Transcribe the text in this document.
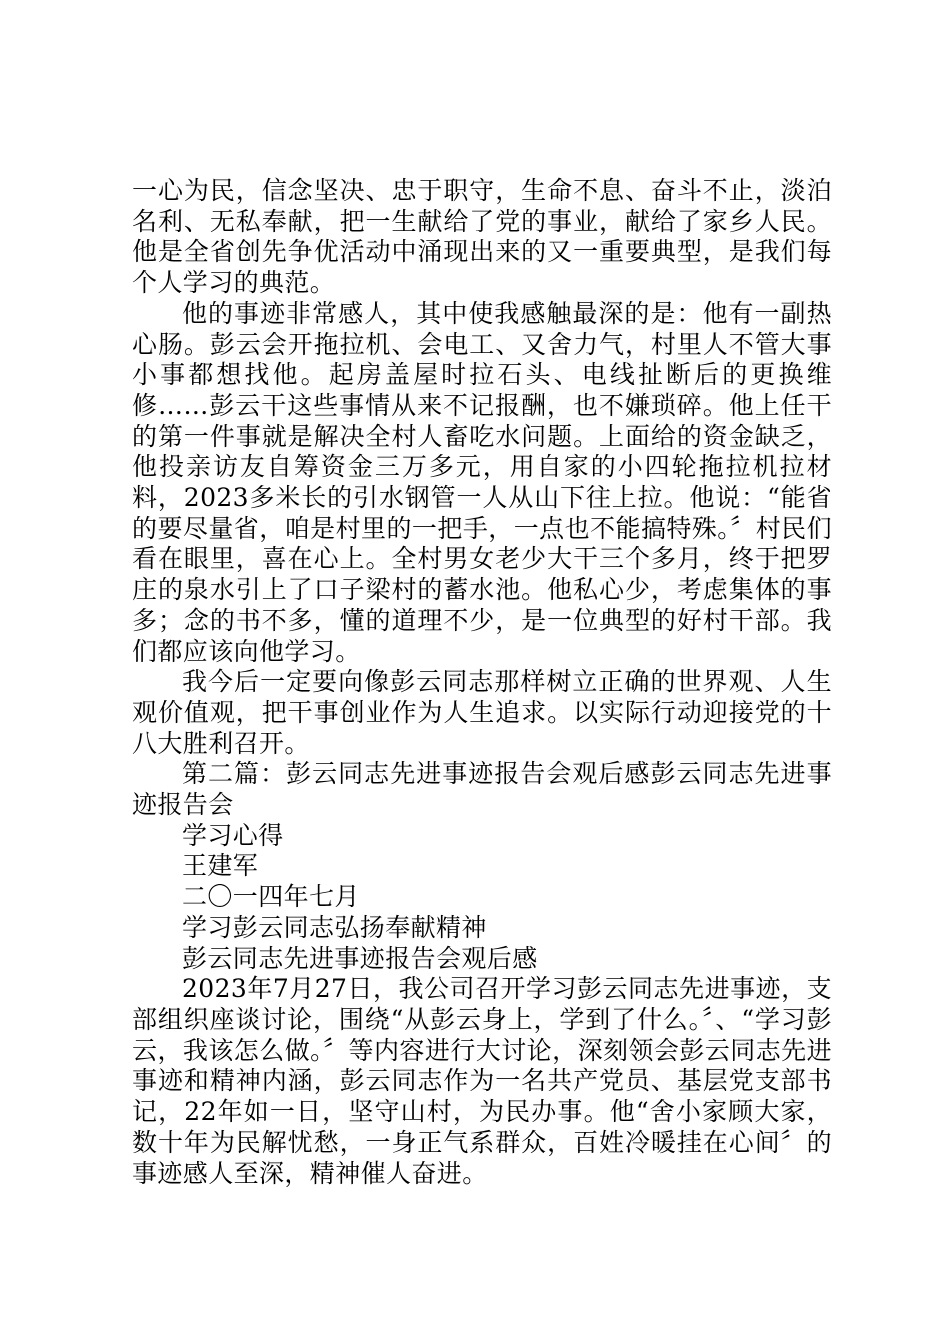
一心为民，信念坚决、忠于职守，生命不息、奋斗不止，淡泊名利、无私奉献，把一生献给了党的事业，献给了家乡人民。他是全省创先争优活动中涌现出来的又一重要典型，是我们每个人学习的典范。

他的事迹非常感人，其中使我感触最深的是：他有一副热心肠。彭云会开拖拉机、会电工、又舍力气，村里人不管大事小事都想找他。起房盖屋时拉石头、电线扯断后的更换维修……彭云干这些事情从来不记报酬，也不嫌琐碎。他上任干的第一件事就是解决全村人畜吃水问题。上面给的资金缺乏，他投亲访友自筹资金三万多元，用自家的小四轮拖拉机拉材料，2023多米长的引水钢管一人从山下往上拉。他说：“能省的要尽量省，咱是村里的一把手，一点也不能搞特殊。〞村民们看在眼里，喜在心上。全村男女老少大干三个多月，终于把罗庄的泉水引上了口子梁村的蓄水池。他私心少，考虑集体的事多；念的书不多，懂的道理不少，是一位典型的好村干部。我们都应该向他学习。

我今后一定要向像彭云同志那样树立正确的世界观、人生观价值观，把干事创业作为人生追求。以实际行动迎接党的十八大胜利召开。

第二篇：彭云同志先进事迹报告会观后感彭云同志先进事迹报告会

学习心得

王建军

二〇一四年七月

学习彭云同志弘扬奉献精神

彭云同志先进事迹报告会观后感

2023年7月27日，我公司召开学习彭云同志先进事迹，支部组织座谈讨论，围绕“从彭云身上，学到了什么。〞、“学习彭云，我该怎么做。〞等内容进行大讨论，深刻领会彭云同志先进事迹和精神内涵，彭云同志作为一名共产党员、基层党支部书记，22年如一日，坚守山村，为民办事。他“舍小家顾大家，数十年为民解忧愁，一身正气系群众，百姓冷暖挂在心间〞的事迹感人至深，精神催人奋进。
